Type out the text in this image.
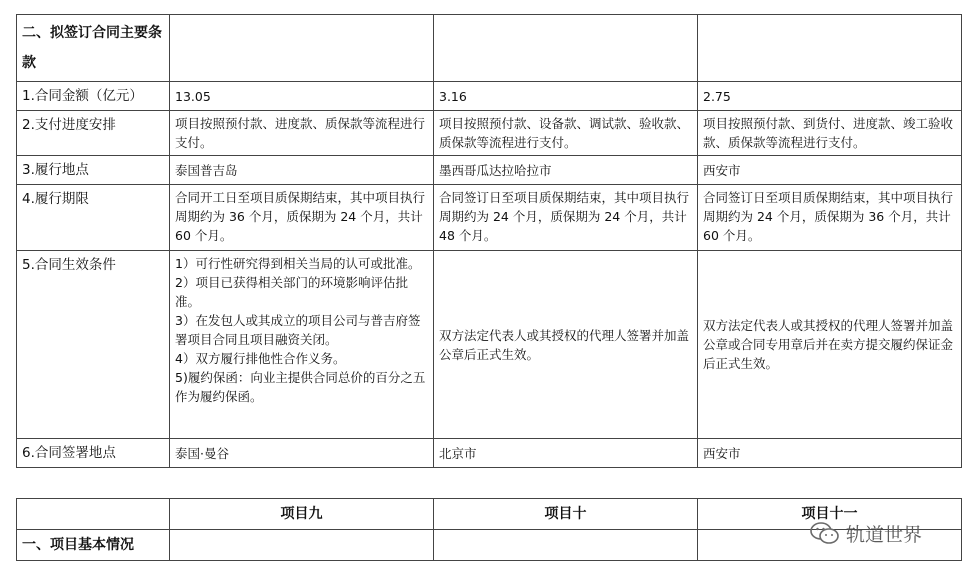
二、拟签订合同主要条款			
1.合同金额（亿元）	13.05	3.16	2.75
2.支付进度安排	项目按照预付款、进度款、质保款等流程进行支付。	项目按照预付款、设备款、调试款、验收款、质保款等流程进行支付。	项目按照预付款、到货付、进度款、竣工验收款、质保款等流程进行支付。
3.履行地点	泰国普吉岛	墨西哥瓜达拉哈拉市	西安市
4.履行期限	合同开工日至项目质保期结束，其中项目执行周期约为 36 个月，质保期为 24 个月，共计 60 个月。	合同签订日至项目质保期结束，其中项目执行周期约为 24 个月，质保期为 24 个月，共计 48 个月。	合同签订日至项目质保期结束，其中项目执行周期约为 24 个月，质保期为 36 个月，共计 60 个月。
5.合同生效条件	1）可行性研究得到相关当局的认可或批准。

2）项目已获得相关部门的环境影响评估批准。

3）在发包人或其成立的项目公司与普吉府签署项目合同且项目融资关闭。

4）双方履行排他性合作义务。

5)履约保函：向业主提供合同总价的百分之五作为履约保函。	双方法定代表人或其授权的代理人签署并加盖公章后正式生效。	双方法定代表人或其授权的代理人签署并加盖公章或合同专用章后并在卖方提交履约保证金后正式生效。
6.合同签署地点	泰国·曼谷	北京市	西安市
	项目九	项目十	项目十一
一、项目基本情况				轨道世界
